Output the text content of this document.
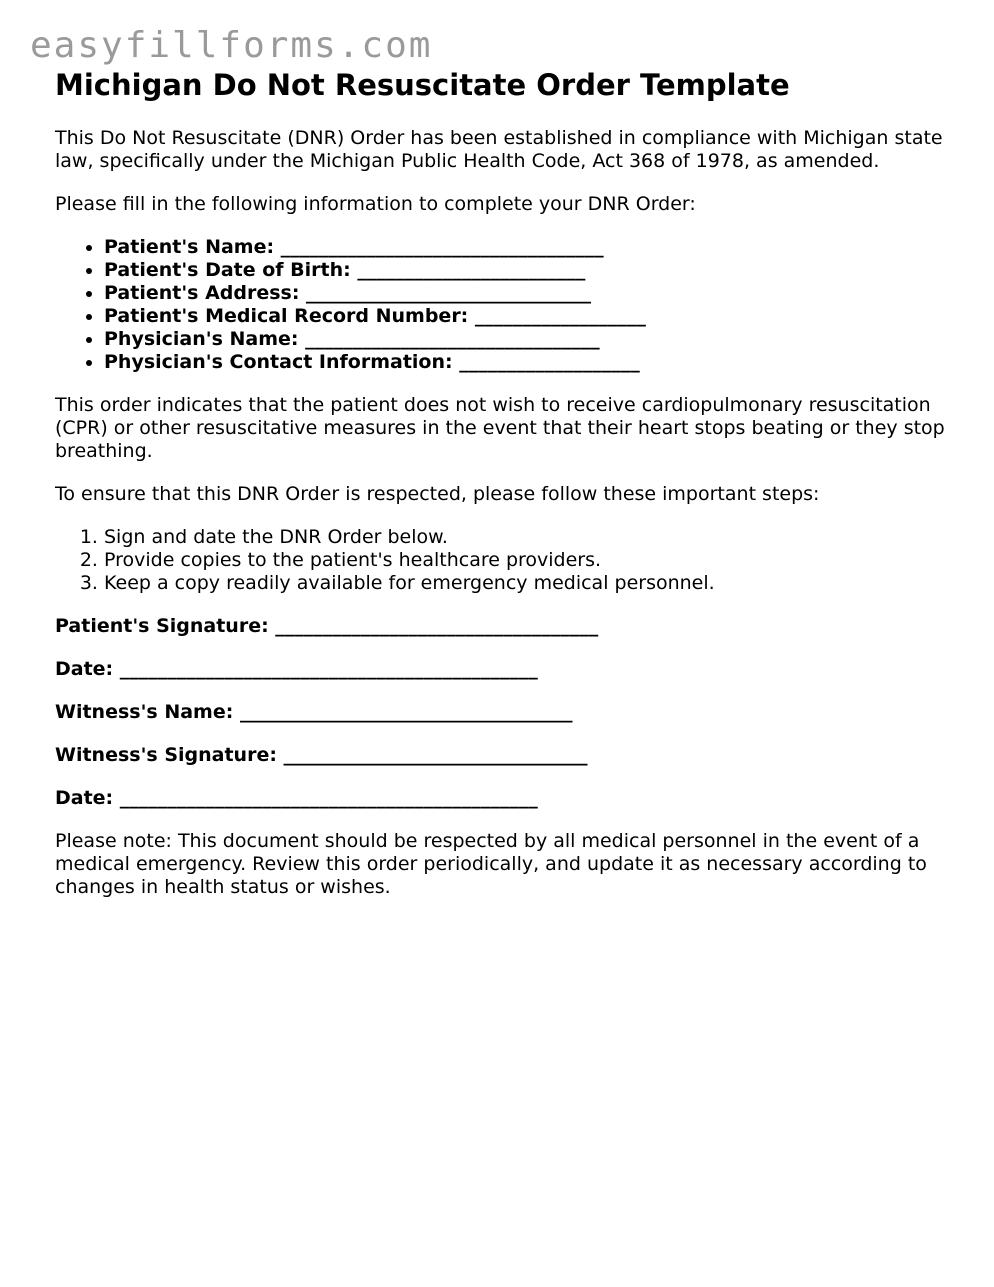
easyfillforms.com
Michigan Do Not Resuscitate Order Template

This Do Not Resuscitate (DNR) Order has been established in compliance with Michigan state law, specifically under the Michigan Public Health Code, Act 368 of 1978, as amended.

Please fill in the following information to complete your DNR Order:

• Patient's Name: __________________________________
• Patient's Date of Birth: ________________________
• Patient's Address: ______________________________
• Patient's Medical Record Number: __________________
• Physician's Name: _______________________________
• Physician's Contact Information: ___________________

This order indicates that the patient does not wish to receive cardiopulmonary resuscitation (CPR) or other resuscitative measures in the event that their heart stops beating or they stop breathing.

To ensure that this DNR Order is respected, please follow these important steps:

1. Sign and date the DNR Order below.
2. Provide copies to the patient's healthcare providers.
3. Keep a copy readily available for emergency medical personnel.

Patient's Signature: __________________________________

Date: ____________________________________________

Witness's Name: ___________________________________

Witness's Signature: ________________________________

Date: ____________________________________________

Please note: This document should be respected by all medical personnel in the event of a medical emergency. Review this order periodically, and update it as necessary according to changes in health status or wishes.
